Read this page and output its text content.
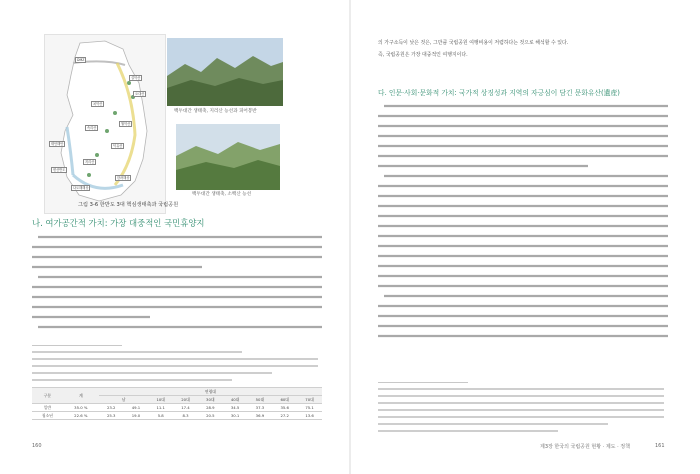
DMZ
설악산
오대산
치악산
월악산
속리산
덕유산
지리산
한려해상
다도해해상
태안해안
변산반도
백두대간 생태축, 지리산 능선과 피어봉반
백두대간 생태축, 소백산 능선
그림 3-6 한반도 3대 핵심생태축과 국립공원
나. 여가공간적 가치: 가장 대중적인 국민휴양지
구분	계	연령대								
		남		10대	20대	30대	40대	50대	60대	70대
일반	35.0 %	23.2	49.1	11.1	17.4	28.9	34.5	37.3	35.6	75.1
청소년	22.6 %	25.3	19.0	5.8	8.3	20.5	30.1	36.9	27.2	13.6
160
의 가구소득이 낮은 것은, 그만큼 국립공원 여행비용이 저렴하다는 것으로 해석할 수 있다.
즉, 국립공원은 가장 대중적인 여행지이다.
다. 인문·사회·문화적 가치: 국가적 상징성과 지역의 자긍심이 담긴 문화유산(遺産)
제3장 한국의 국립공원 현황 · 제도 · 정책	161
